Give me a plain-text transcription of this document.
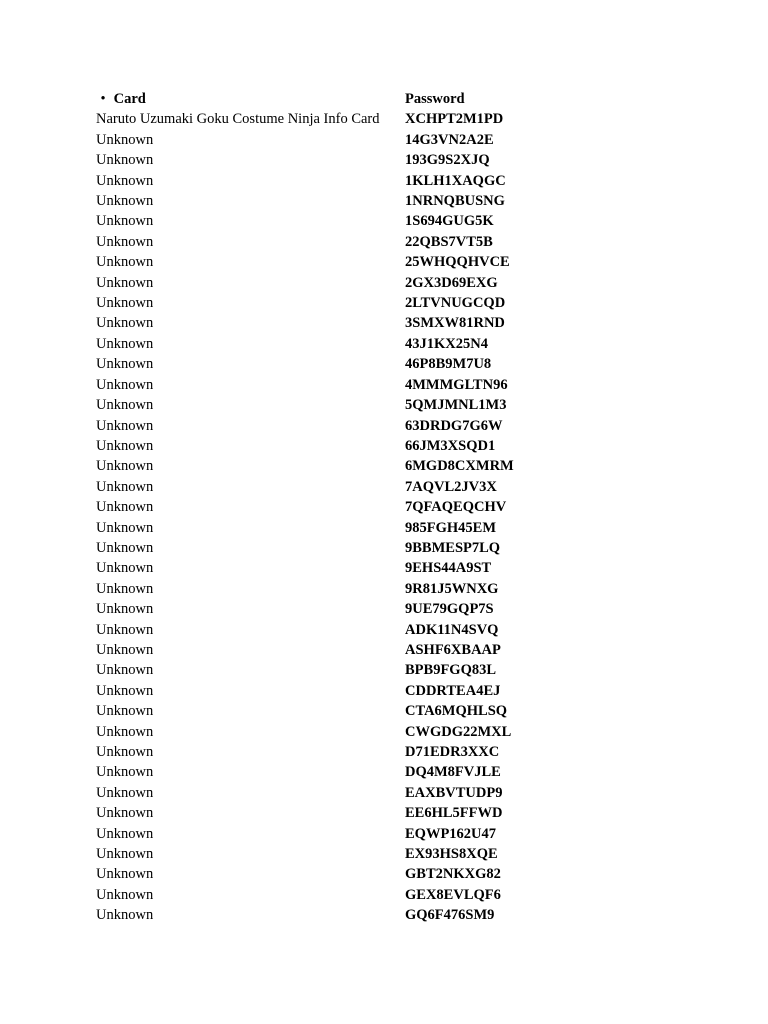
• Card	Password
Naruto Uzumaki Goku Costume Ninja Info Card	XCHPT2M1PD
Unknown	14G3VN2A2E
Unknown	193G9S2XJQ
Unknown	1KLH1XAQGC
Unknown	1NRNQBUSNG
Unknown	1S694GUG5K
Unknown	22QBS7VT5B
Unknown	25WHQQHVCE
Unknown	2GX3D69EXG
Unknown	2LTVNUGCQD
Unknown	3SMXW81RND
Unknown	43J1KX25N4
Unknown	46P8B9M7U8
Unknown	4MMMGLTN96
Unknown	5QMJMNL1M3
Unknown	63DRDG7G6W
Unknown	66JM3XSQD1
Unknown	6MGD8CXMRM
Unknown	7AQVL2JV3X
Unknown	7QFAQEQCHV
Unknown	985FGH45EM
Unknown	9BBMESP7LQ
Unknown	9EHS44A9ST
Unknown	9R81J5WNXG
Unknown	9UE79GQP7S
Unknown	ADK11N4SVQ
Unknown	ASHF6XBAAP
Unknown	BPB9FGQ83L
Unknown	CDDRTEA4EJ
Unknown	CTA6MQHLSQ
Unknown	CWGDG22MXL
Unknown	D71EDR3XXC
Unknown	DQ4M8FVJLE
Unknown	EAXBVTUDP9
Unknown	EE6HL5FFWD
Unknown	EQWP162U47
Unknown	EX93HS8XQE
Unknown	GBT2NKXG82
Unknown	GEX8EVLQF6
Unknown	GQ6F476SM9
